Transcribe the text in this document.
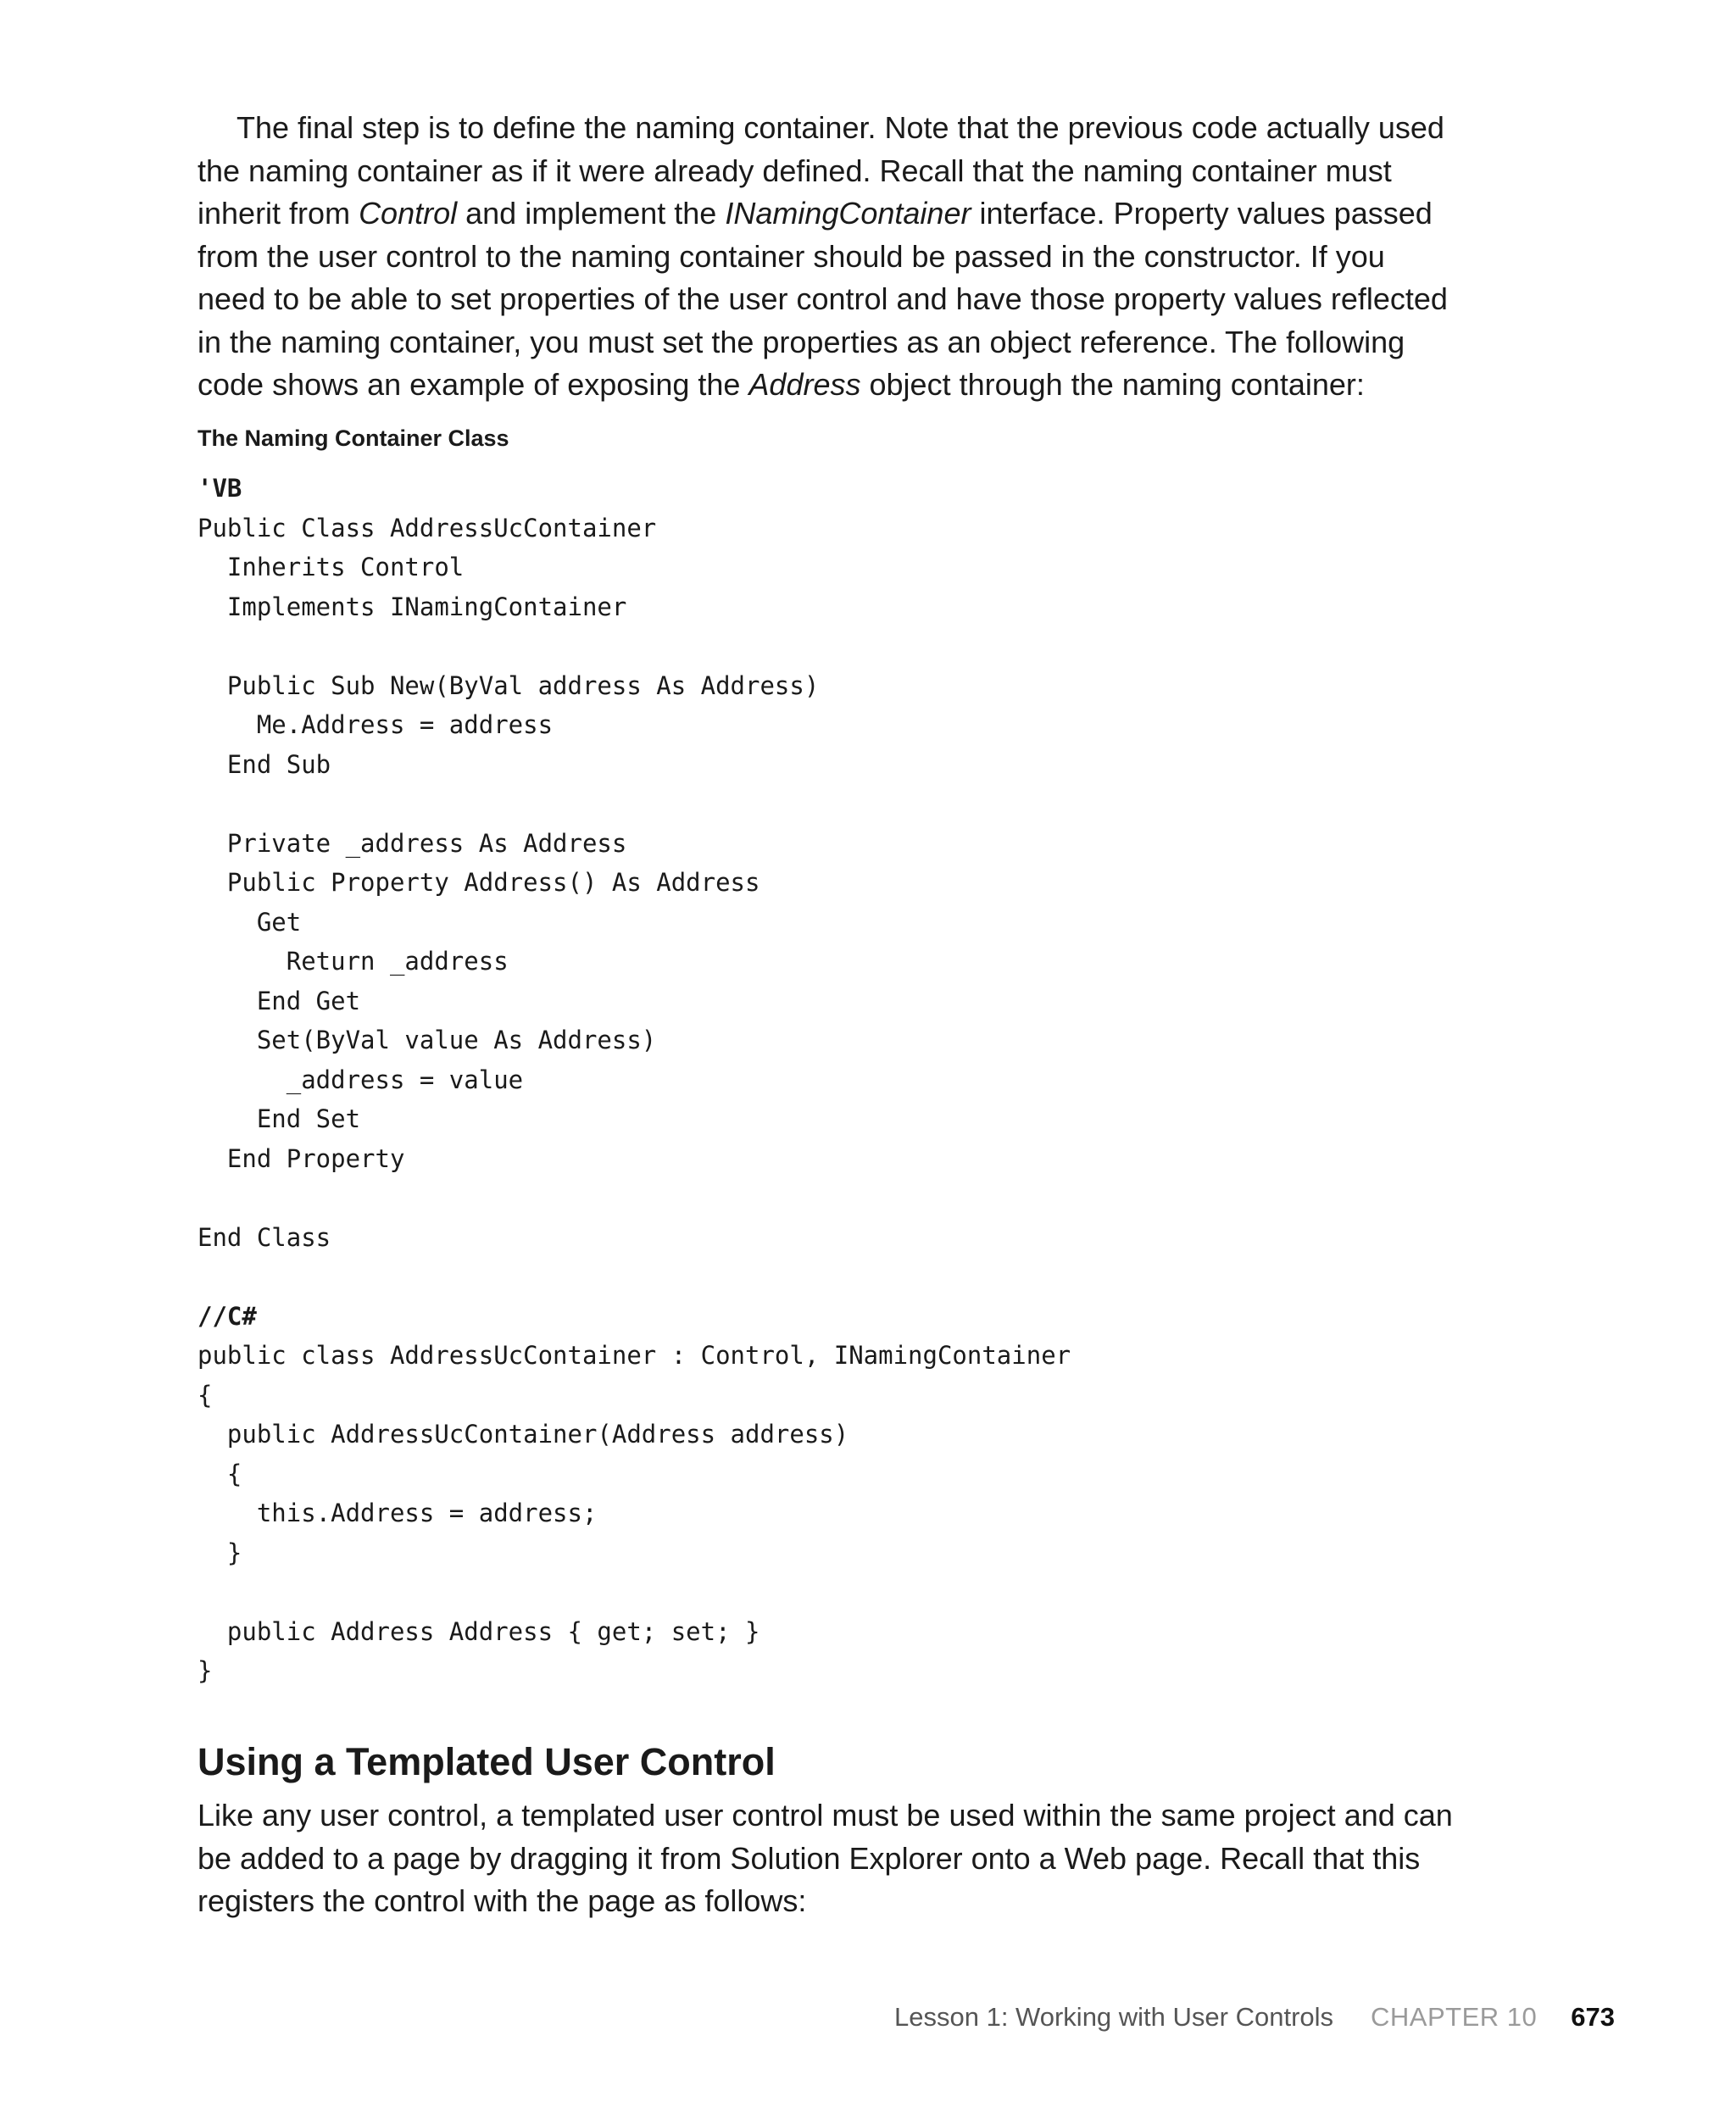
The final step is to define the naming container. Note that the previous code actually used
the naming container as if it were already defined. Recall that the naming container must
inherit from Control and implement the INamingContainer interface. Property values passed
from the user control to the naming container should be passed in the constructor. If you
need to be able to set properties of the user control and have those property values reflected
in the naming container, you must set the properties as an object reference. The following
code shows an example of exposing the Address object through the naming container:

The Naming Container Class

'VB
Public Class AddressUcContainer
Inherits Control
Implements INamingContainer
Public Sub New(ByVal address As Address)
Me.Address = address
End Sub
Private _address As Address
Public Property Address() As Address
Get
Return _address
End Get
Set(ByVal value As Address)
_address = value
End Set
End Property
End Class
//C#
public class AddressUcContainer : Control, INamingContainer
{
public AddressUcContainer(Address address)
{
this.Address = address;
}
public Address Address { get; set; }
}
Using a Templated User Control

Like any user control, a templated user control must be used within the same project and can
be added to a page by dragging it from Solution Explorer onto a Web page. Recall that this
registers the control with the page as follows:

Lesson 1: Working with User Controls CHAPTER 10 673
